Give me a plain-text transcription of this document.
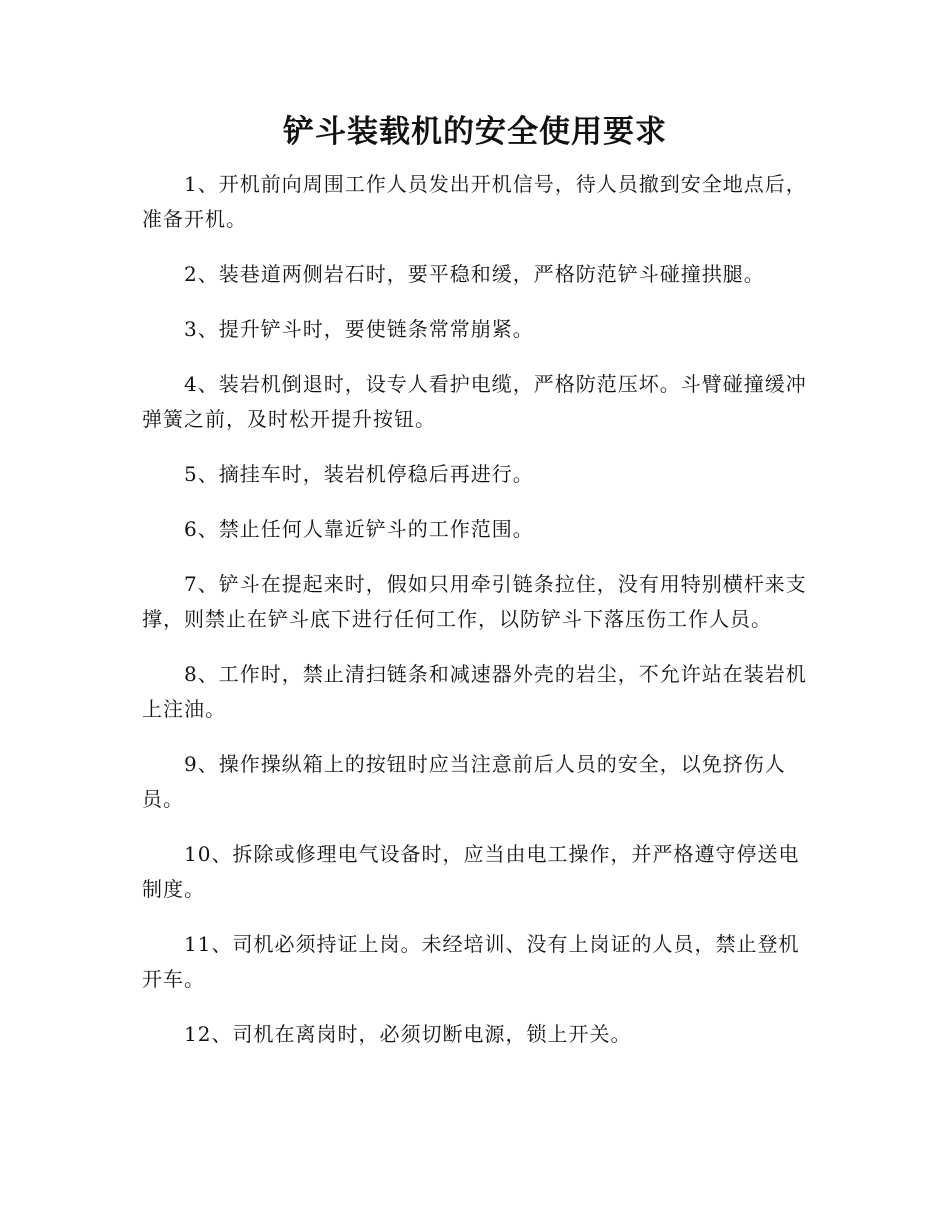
铲斗装载机的安全使用要求

1、开机前向周围工作人员发出开机信号，待人员撤到安全地点后，准备开机。

2、装巷道两侧岩石时，要平稳和缓，严格防范铲斗碰撞拱腿。

3、提升铲斗时，要使链条常常崩紧。

4、装岩机倒退时，设专人看护电缆，严格防范压坏。斗臂碰撞缓冲弹簧之前，及时松开提升按钮。

5、摘挂车时，装岩机停稳后再进行。

6、禁止任何人靠近铲斗的工作范围。

7、铲斗在提起来时，假如只用牵引链条拉住，没有用特别横杆来支撑，则禁止在铲斗底下进行任何工作，以防铲斗下落压伤工作人员。

8、工作时，禁止清扫链条和减速器外壳的岩尘，不允许站在装岩机上注油。

9、操作操纵箱上的按钮时应当注意前后人员的安全，以免挤伤人员。

10、拆除或修理电气设备时，应当由电工操作，并严格遵守停送电制度。

11、司机必须持证上岗。未经培训、没有上岗证的人员，禁止登机开车。

12、司机在离岗时，必须切断电源，锁上开关。
